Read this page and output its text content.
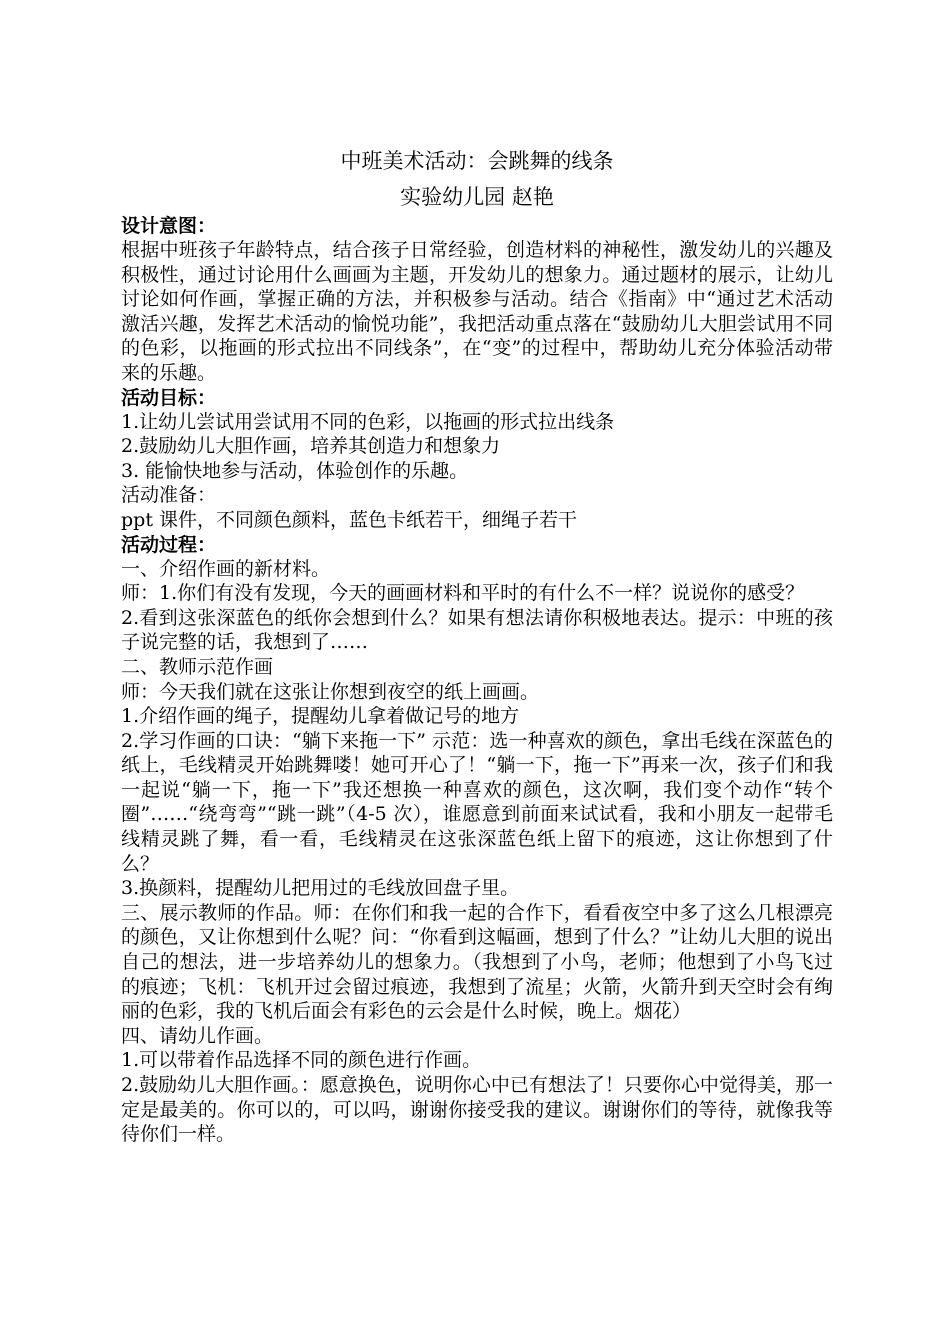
中班美术活动：会跳舞的线条

实验幼儿园 赵艳

设计意图：

根据中班孩子年龄特点，结合孩子日常经验，创造材料的神秘性，激发幼儿的兴趣及积极性，通过讨论用什么画画为主题，开发幼儿的想象力。通过题材的展示，让幼儿讨论如何作画，掌握正确的方法，并积极参与活动。结合《指南》中“通过艺术活动激活兴趣，发挥艺术活动的愉悦功能”，我把活动重点落在“鼓励幼儿大胆尝试用不同的色彩，以拖画的形式拉出不同线条”，在“变”的过程中，帮助幼儿充分体验活动带来的乐趣。

活动目标：

1.让幼儿尝试用尝试用不同的色彩，以拖画的形式拉出线条

2.鼓励幼儿大胆作画，培养其创造力和想象力

3. 能愉快地参与活动，体验创作的乐趣。

活动准备：

ppt 课件，不同颜色颜料，蓝色卡纸若干，细绳子若干

活动过程：

一、介绍作画的新材料。

师：1.你们有没有发现，今天的画画材料和平时的有什么不一样？说说你的感受？

2.看到这张深蓝色的纸你会想到什么？如果有想法请你积极地表达。提示：中班的孩子说完整的话，我想到了……

二、教师示范作画

师：今天我们就在这张让你想到夜空的纸上画画。

1.介绍作画的绳子，提醒幼儿拿着做记号的地方

2.学习作画的口诀：“躺下来拖一下” 示范：选一种喜欢的颜色，拿出毛线在深蓝色的纸上，毛线精灵开始跳舞喽！她可开心了！“躺一下，拖一下”再来一次，孩子们和我一起说“躺一下，拖一下”我还想换一种喜欢的颜色，这次啊，我们变个动作“转个圈”……“绕弯弯”“跳一跳”（4-5 次），谁愿意到前面来试试看，我和小朋友一起带毛线精灵跳了舞，看一看，毛线精灵在这张深蓝色纸上留下的痕迹，这让你想到了什么？

3.换颜料，提醒幼儿把用过的毛线放回盘子里。

三、展示教师的作品。师：在你们和我一起的合作下，看看夜空中多了这么几根漂亮的颜色，又让你想到什么呢？问：“你看到这幅画，想到了什么？”让幼儿大胆的说出自己的想法，进一步培养幼儿的想象力。（我想到了小鸟，老师；他想到了小鸟飞过的痕迹；飞机：飞机开过会留过痕迹，我想到了流星；火箭，火箭升到天空时会有绚丽的色彩，我的飞机后面会有彩色的云会是什么时候，晚上。烟花）

四、请幼儿作画。

1.可以带着作品选择不同的颜色进行作画。

2.鼓励幼儿大胆作画。：愿意换色，说明你心中已有想法了！只要你心中觉得美，那一定是最美的。你可以的，可以吗，谢谢你接受我的建议。谢谢你们的等待，就像我等待你们一样。
